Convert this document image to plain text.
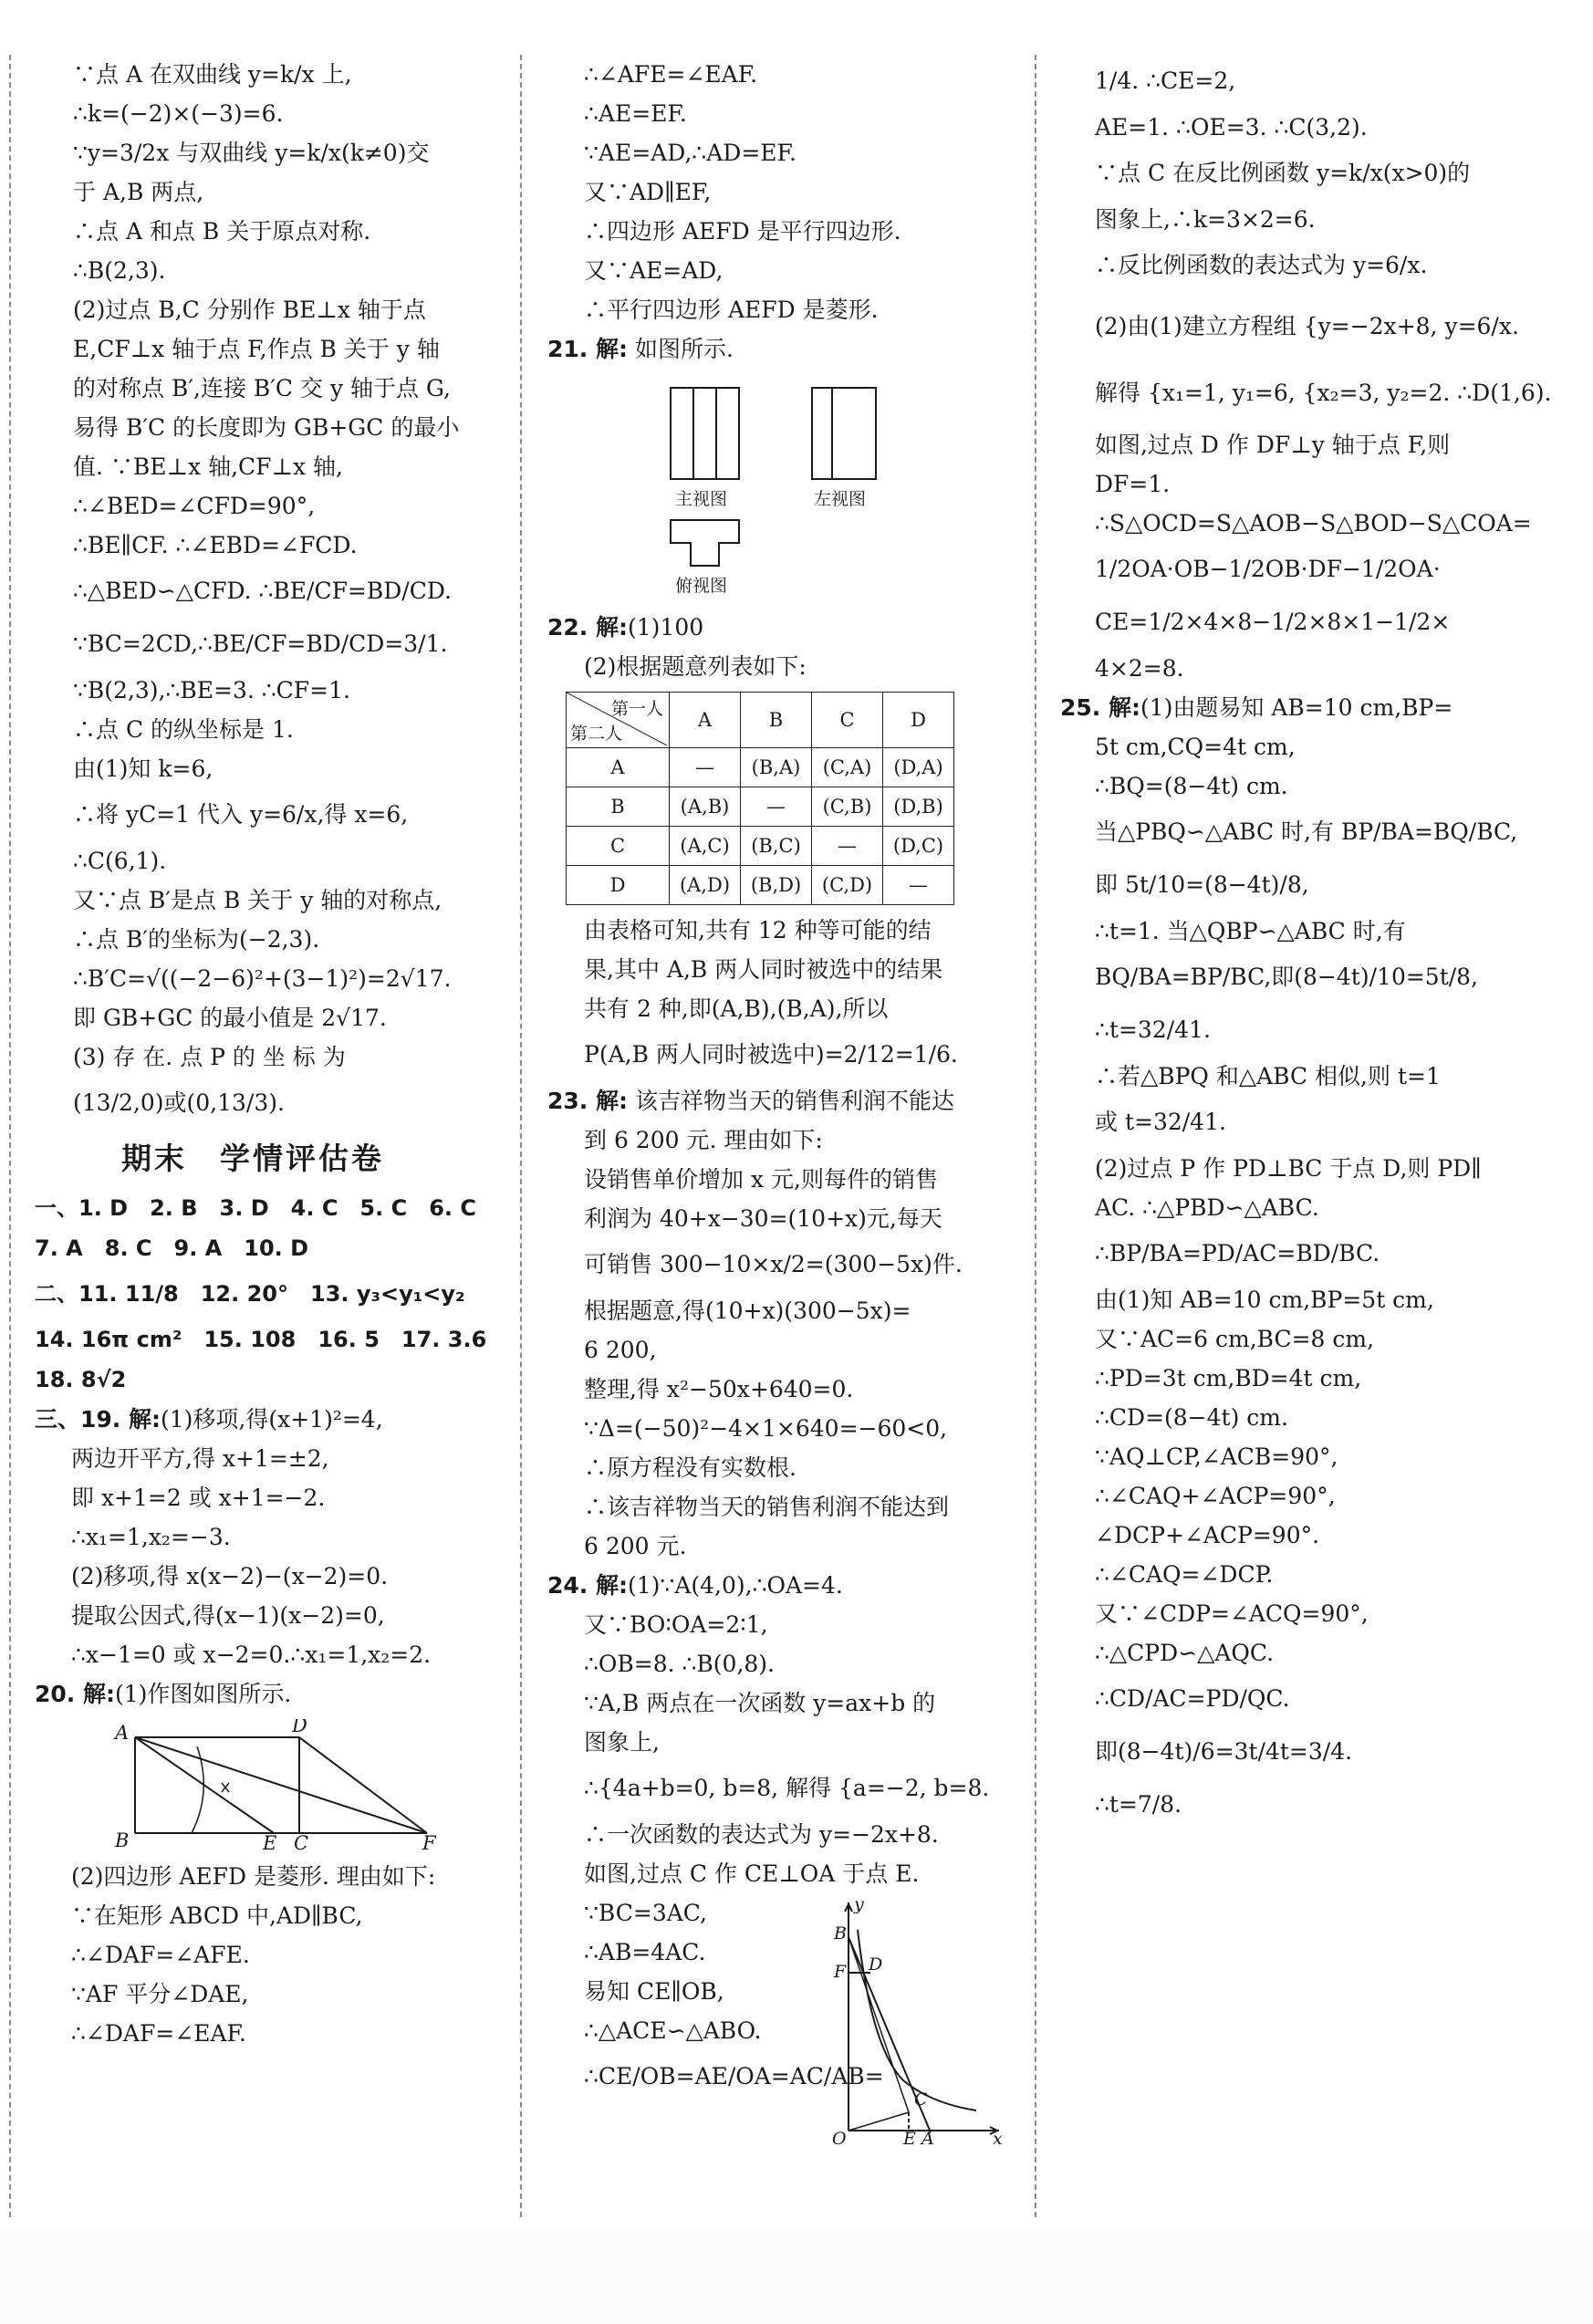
∵点 A 在双曲线 y=k/x 上,
∴k=(−2)×(−3)=6.
∵y=3/2x 与双曲线 y=k/x(k≠0)交
于 A,B 两点,
∴点 A 和点 B 关于原点对称.
∴B(2,3).
(2)过点 B,C 分别作 BE⊥x 轴于点
E,CF⊥x 轴于点 F,作点 B 关于 y 轴
的对称点 B′,连接 B′C 交 y 轴于点 G,
易得 B′C 的长度即为 GB+GC 的最小
值. ∵BE⊥x 轴,CF⊥x 轴,
∴∠BED=∠CFD=90°,
∴BE∥CF. ∴∠EBD=∠FCD.
∴△BED∽△CFD. ∴BE/CF=BD/CD.
∵BC=2CD,∴BE/CF=BD/CD=3/1.
∵B(2,3),∴BE=3. ∴CF=1.
∴点 C 的纵坐标是 1.
由(1)知 k=6,
∴将 yC=1 代入 y=6/x,得 x=6,
∴C(6,1).
又∵点 B′是点 B 关于 y 轴的对称点,
∴点 B′的坐标为(−2,3).
∴B′C=√((−2−6)²+(3−1)²)=2√17.
即 GB+GC 的最小值是 2√17.
(3) 存 在. 点 P 的 坐 标 为
(13/2,0)或(0,13/3).
期末　学情评估卷
一、1. D　2. B　3. D　4. C　5. C　6. C
7. A　8. C　9. A　10. D
二、11. 11/8　12. 20°　13. y₃<y₁<y₂
14. 16π cm²　15. 108　16. 5　17. 3.6
18. 8√2
三、19. 解:(1)移项,得(x+1)²=4,
两边开平方,得 x+1=±2,
即 x+1=2 或 x+1=−2.
∴x₁=1,x₂=−3.
(2)移项,得 x(x−2)−(x−2)=0.
提取公因式,得(x−1)(x−2)=0,
∴x−1=0 或 x−2=0.∴x₁=1,x₂=2.
20. 解:(1)作图如图所示.
A	D
B	E C	F
(2)四边形 AEFD 是菱形. 理由如下:
∵在矩形 ABCD 中,AD∥BC,
∴∠DAF=∠AFE.
∵AF 平分∠DAE,
∴∠DAF=∠EAF.
∴∠AFE=∠EAF.
∴AE=EF.
∵AE=AD,∴AD=EF.
又∵AD∥EF,
∴四边形 AEFD 是平行四边形.
又∵AE=AD,
∴平行四边形 AEFD 是菱形.
21. 解: 如图所示.
主视图	左视图
俯视图
22. 解:(1)100
(2)根据题意列表如下:
第一人
第二人	A	B	C	D
A	—	(B,A)	(C,A)	(D,A)
B	(A,B)	—	(C,B)	(D,B)
C	(A,C)	(B,C)	—	(D,C)
D	(A,D)	(B,D)	(C,D)	—
由表格可知,共有 12 种等可能的结
果,其中 A,B 两人同时被选中的结果
共有 2 种,即(A,B),(B,A),所以
P(A,B 两人同时被选中)=2/12=1/6.
23. 解: 该吉祥物当天的销售利润不能达
到 6 200 元. 理由如下:
设销售单价增加 x 元,则每件的销售
利润为 40+x−30=(10+x)元,每天
可销售 300−10×x/2=(300−5x)件.
根据题意,得(10+x)(300−5x)=
6 200,
整理,得 x²−50x+640=0.
∵Δ=(−50)²−4×1×640=−60<0,
∴原方程没有实数根.
∴该吉祥物当天的销售利润不能达到
6 200 元.
24. 解:(1)∵A(4,0),∴OA=4.
又∵BO∶OA=2∶1,
∴OB=8. ∴B(0,8).
∵A,B 两点在一次函数 y=ax+b 的
图象上,
∴{4a+b=0, b=8, 解得 {a=−2, b=8.
∴一次函数的表达式为 y=−2x+8.
如图,过点 C 作 CE⊥OA 于点 E.
∵BC=3AC,
∴AB=4AC.
易知 CE∥OB,
∴△ACE∽△ABO.
∴CE/OB=AE/OA=AC/AB=
y
B
F D
C
O	E A	x
1/4. ∴CE=2,
AE=1. ∴OE=3. ∴C(3,2).
∵点 C 在反比例函数 y=k/x(x>0)的
图象上,∴k=3×2=6.
∴反比例函数的表达式为 y=6/x.
(2)由(1)建立方程组 {y=−2x+8, y=6/x.
解得 {x₁=1, y₁=6, {x₂=3, y₂=2. ∴D(1,6).
如图,过点 D 作 DF⊥y 轴于点 F,则
DF=1.
∴S△OCD=S△AOB−S△BOD−S△COA=
1/2OA·OB−1/2OB·DF−1/2OA·
CE=1/2×4×8−1/2×8×1−1/2×
4×2=8.
25. 解:(1)由题易知 AB=10 cm,BP=
5t cm,CQ=4t cm,
∴BQ=(8−4t) cm.
当△PBQ∽△ABC 时,有 BP/BA=BQ/BC,
即 5t/10=(8−4t)/8,
∴t=1. 当△QBP∽△ABC 时,有
BQ/BA=BP/BC,即(8−4t)/10=5t/8,
∴t=32/41.
∴若△BPQ 和△ABC 相似,则 t=1
或 t=32/41.
(2)过点 P 作 PD⊥BC 于点 D,则 PD∥
AC. ∴△PBD∽△ABC.
∴BP/BA=PD/AC=BD/BC.
由(1)知 AB=10 cm,BP=5t cm,
又∵AC=6 cm,BC=8 cm,
∴PD=3t cm,BD=4t cm,
∴CD=(8−4t) cm.
∵AQ⊥CP,∠ACB=90°,
∴∠CAQ+∠ACP=90°,
∠DCP+∠ACP=90°.
∴∠CAQ=∠DCP.
又∵∠CDP=∠ACQ=90°,
∴△CPD∽△AQC.
∴CD/AC=PD/QC.
即(8−4t)/6=3t/4t=3/4.
∴t=7/8.
